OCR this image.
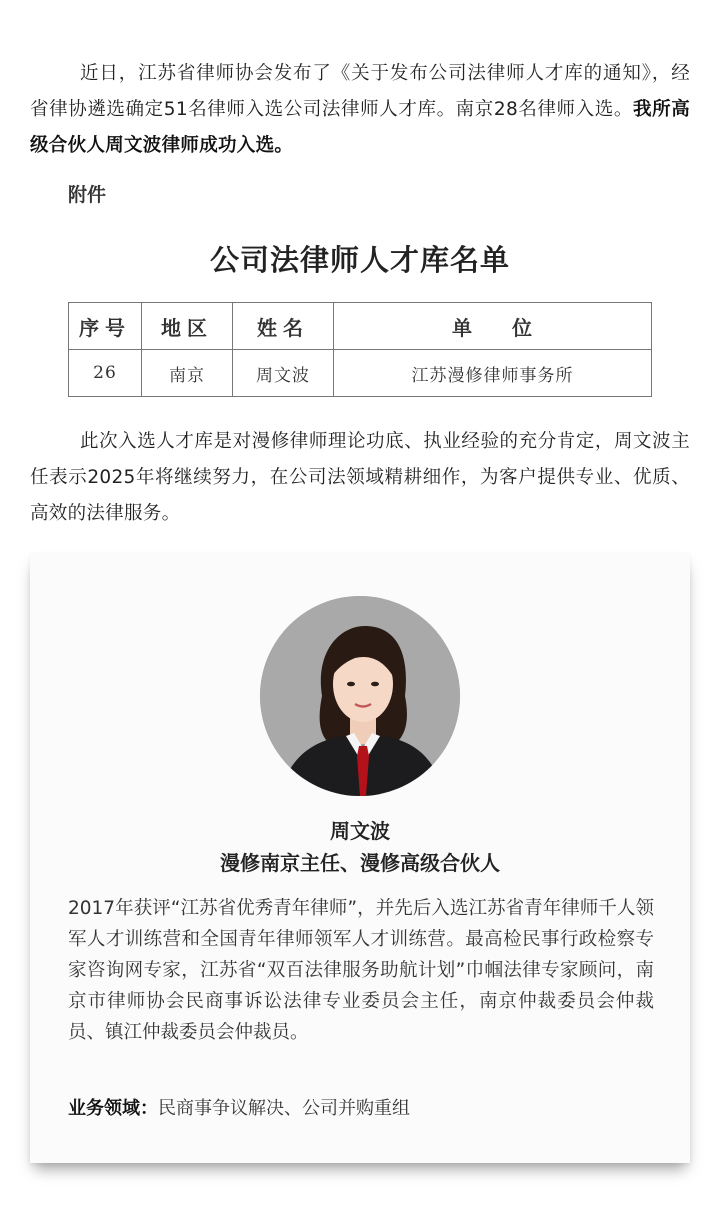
近日，江苏省律师协会发布了《关于发布公司法律师人才库的通知》，经省律协遴选确定51名律师入选公司法律师人才库。南京28名律师入选。我所高级合伙人周文波律师成功入选。

附件
公司法律师人才库名单
序号	地区	姓名	单位
26	南京	周文波	江苏漫修律师事务所

此次入选人才库是对漫修律师理论功底、执业经验的充分肯定，周文波主任表示2025年将继续努力，在公司法领域精耕细作，为客户提供专业、优质、高效的法律服务。

周文波
漫修南京主任、漫修高级合伙人

2017年获评“江苏省优秀青年律师”，并先后入选江苏省青年律师千人领军人才训练营和全国青年律师领军人才训练营。最高检民事行政检察专家咨询网专家，江苏省“双百法律服务助航计划”巾帼法律专家顾问，南京市律师协会民商事诉讼法律专业委员会主任，南京仲裁委员会仲裁员、镇江仲裁委员会仲裁员。

业务领域：民商事争议解决、公司并购重组
